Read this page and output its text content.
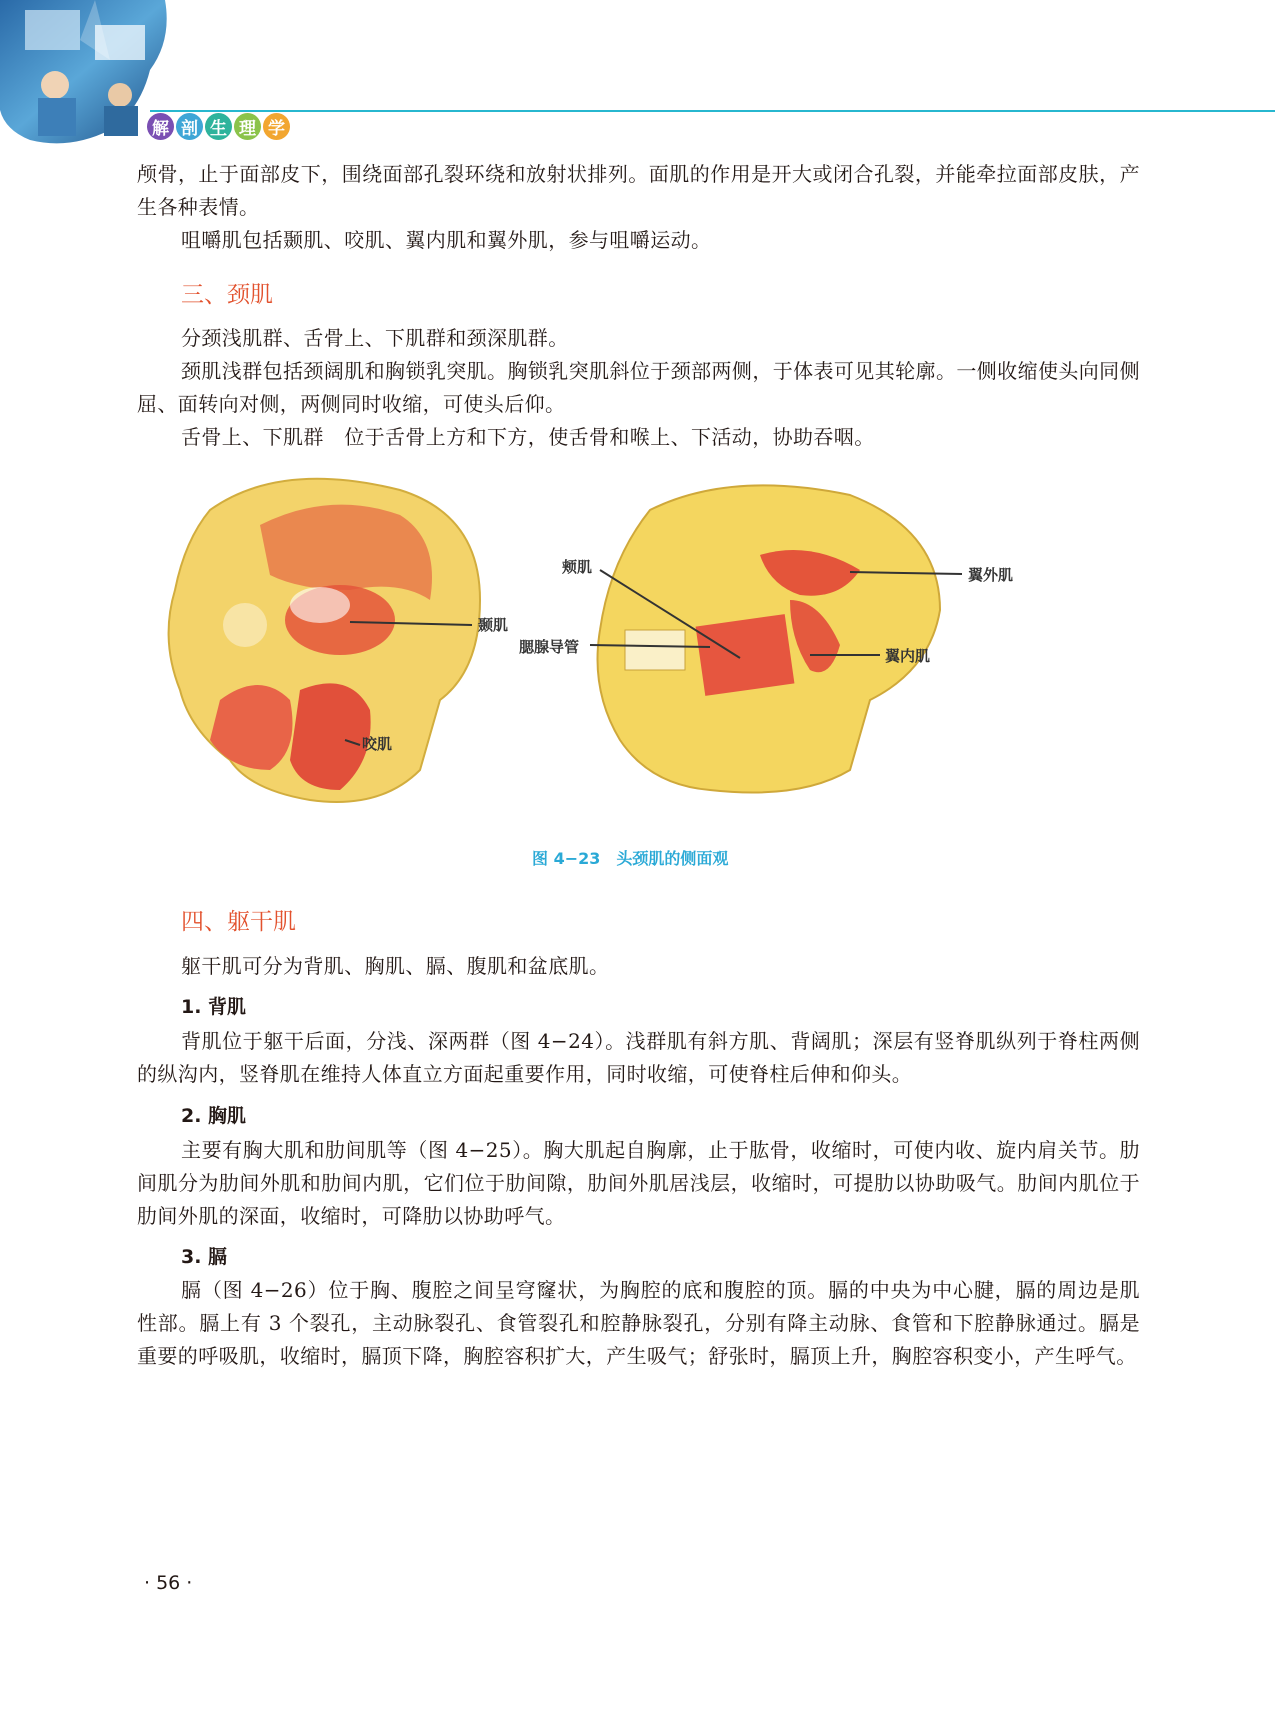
解 剖 生 理 学

颅骨，止于面部皮下，围绕面部孔裂环绕和放射状排列。面肌的作用是开大或闭合孔裂，并能牵拉面部皮肤，产生各种表情。

咀嚼肌包括颞肌、咬肌、翼内肌和翼外肌，参与咀嚼运动。

三、颈肌

分颈浅肌群、舌骨上、下肌群和颈深肌群。

颈肌浅群包括颈阔肌和胸锁乳突肌。胸锁乳突肌斜位于颈部两侧，于体表可见其轮廓。一侧收缩使头向同侧屈、面转向对侧，两侧同时收缩，可使头后仰。

舌骨上、下肌群　位于舌骨上方和下方，使舌骨和喉上、下活动，协助吞咽。

颞肌
咬肌
颊肌
腮腺导管
翼外肌
翼内肌
图 4−23　头颈肌的侧面观
四、躯干肌

躯干肌可分为背肌、胸肌、膈、腹肌和盆底肌。

1. 背肌

背肌位于躯干后面，分浅、深两群（图 4−24）。浅群肌有斜方肌、背阔肌；深层有竖脊肌纵列于脊柱两侧的纵沟内，竖脊肌在维持人体直立方面起重要作用，同时收缩，可使脊柱后伸和仰头。

2. 胸肌

主要有胸大肌和肋间肌等（图 4−25）。胸大肌起自胸廓，止于肱骨，收缩时，可使内收、旋内肩关节。肋间肌分为肋间外肌和肋间内肌，它们位于肋间隙，肋间外肌居浅层，收缩时，可提肋以协助吸气。肋间内肌位于肋间外肌的深面，收缩时，可降肋以协助呼气。

3. 膈

膈（图 4−26）位于胸、腹腔之间呈穹窿状，为胸腔的底和腹腔的顶。膈的中央为中心腱，膈的周边是肌性部。膈上有 3 个裂孔，主动脉裂孔、食管裂孔和腔静脉裂孔，分别有降主动脉、食管和下腔静脉通过。膈是重要的呼吸肌，收缩时，膈顶下降，胸腔容积扩大，产生吸气；舒张时，膈顶上升，胸腔容积变小，产生呼气。

· 56 ·
